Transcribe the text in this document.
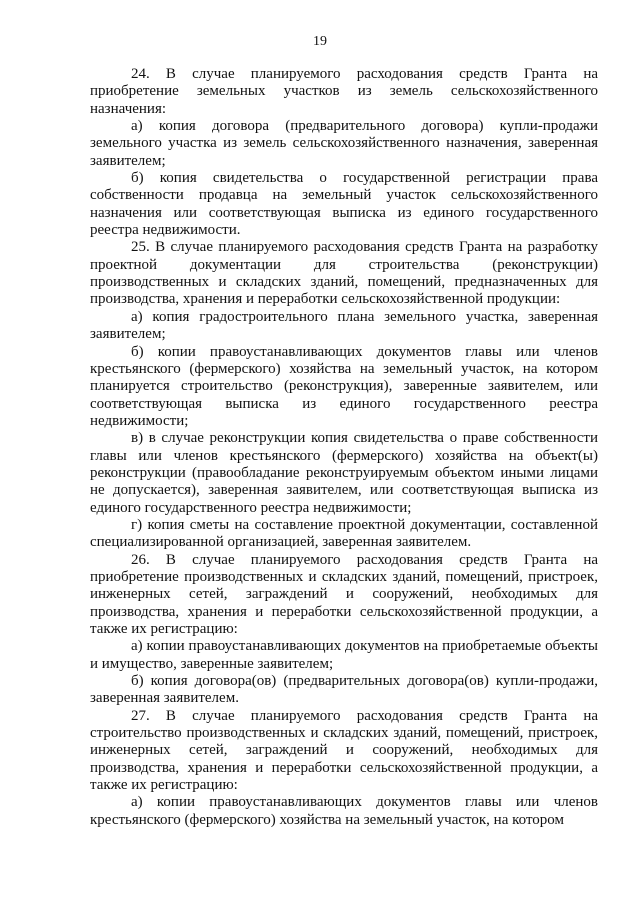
19

24. В случае планируемого расходования средств Гранта на приобретение земельных участков из земель сельскохозяйственного назначения:

а) копия договора (предварительного договора) купли-продажи земельного участка из земель сельскохозяйственного назначения, заверенная заявителем;

б) копия свидетельства о государственной регистрации права собственности продавца на земельный участок сельскохозяйственного назначения или соответствующая выписка из единого государственного реестра недвижимости.

25. В случае планируемого расходования средств Гранта на разработку проектной документации для строительства (реконструкции) производственных и складских зданий, помещений, предназначенных для производства, хранения и переработки сельскохозяйственной продукции:

а) копия градостроительного плана земельного участка, заверенная заявителем;

б) копии правоустанавливающих документов главы или членов крестьянского (фермерского) хозяйства на земельный участок, на котором планируется строительство (реконструкция), заверенные заявителем, или соответствующая выписка из единого государственного реестра недвижимости;

в) в случае реконструкции копия свидетельства о праве собственности главы или членов крестьянского (фермерского) хозяйства на объект(ы) реконструкции (правообладание реконструируемым объектом иными лицами не допускается), заверенная заявителем, или соответствующая выписка из единого государственного реестра недвижимости;

г) копия сметы на составление проектной документации, составленной специализированной организацией, заверенная заявителем.

26. В случае планируемого расходования средств Гранта на приобретение производственных и складских зданий, помещений, пристроек, инженерных сетей, заграждений и сооружений, необходимых для производства, хранения и переработки сельскохозяйственной продукции, а также их регистрацию:

а) копии правоустанавливающих документов на приобретаемые объекты и имущество, заверенные заявителем;

б) копия договора(ов) (предварительных договора(ов) купли-продажи, заверенная заявителем.

27. В случае планируемого расходования средств Гранта на строительство производственных и складских зданий, помещений, пристроек, инженерных сетей, заграждений и сооружений, необходимых для производства, хранения и переработки сельскохозяйственной продукции, а также их регистрацию:

а) копии правоустанавливающих документов главы или членов крестьянского (фермерского) хозяйства на земельный участок, на котором
